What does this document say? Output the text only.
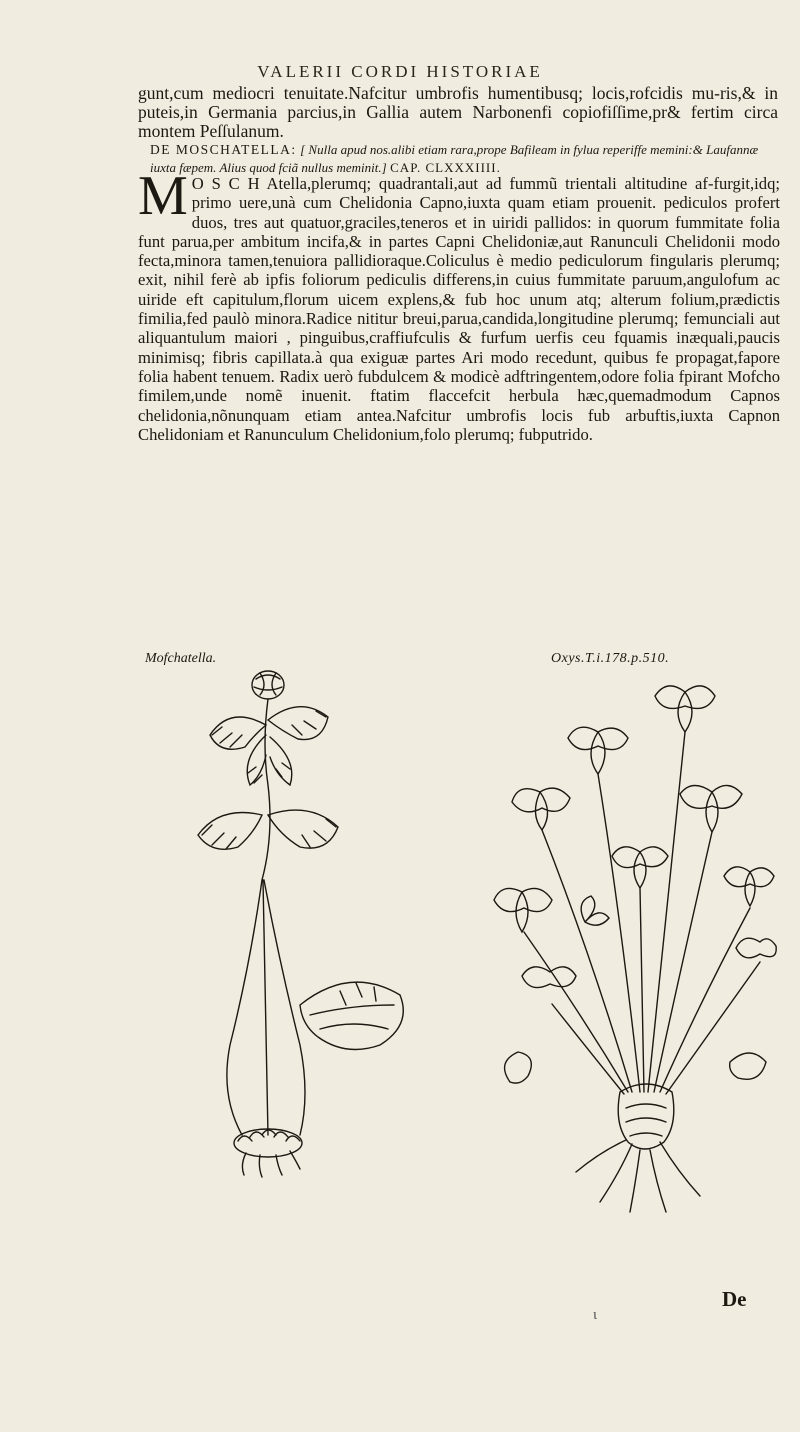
VALERII CORDI HISTORIAE

gunt,cum mediocri tenuitate.Nafcitur umbrofis humentibusq; locis,rofcidis mu-ris,& in puteis,in Germania parcius,in Gallia autem Narbonenfi copiofiſſime,pr& fertim circa montem Peſſulanum.

DE MOSCHATELLA: [ Nulla apud nos.alibi etiam rara,prope Bafileam in fylua reperiffe memini:& Laufannæ iuxta fæpem. Alius quod fciã nullus meminit.] CAP. CLXXXIIII.
M O S C H Atella,plerumq; quadrantali,aut ad fummũ trientali altitudine af-furgit,idq; primo uere,unà cum Chelidonia Capno,iuxta quam etiam prouenit. pediculos profert duos, tres aut quatuor,graciles,teneros et in uiridi pallidos: in quorum fummitate folia funt parua,per ambitum incifa,& in partes Capni Chelidoniæ,aut Ranunculi Chelidonii modo fecta,minora tamen,tenuiora pallidioraque.Coliculus è medio pediculorum fingularis plerumq; exit, nihil ferè ab ipfis foliorum pediculis differens,in cuius fummitate paruum,angulofum ac uiride eft capitulum,florum uicem explens,& fub hoc unum atq; alterum folium,prædictis fimilia,fed paulò minora.Radice nititur breui,parua,candida,longitudine plerumq; femunciali aut aliquantulum maiori , pinguibus,craffiufculis & furfum uerfis ceu fquamis inæquali,paucis minimisq; fibris capillata.à qua exiguæ partes Ari modo recedunt, quibus fe propagat,fapore folia habent tenuem. Radix uerò fubdulcem & modicè adftringentem,odore folia fpirant Mofcho fimilem,unde nomẽ inuenit. ftatim flaccefcit herbula hæc,quemadmodum Capnos chelidonia,nõnunquam etiam antea.Nafcitur umbrofis locis fub arbuftis,iuxta Capnon Chelidoniam et Ranunculum Chelidonium,folo plerumq; fubputrido.
Mofchatella.	Oxys.T.i.178.p.510.
ι
De
